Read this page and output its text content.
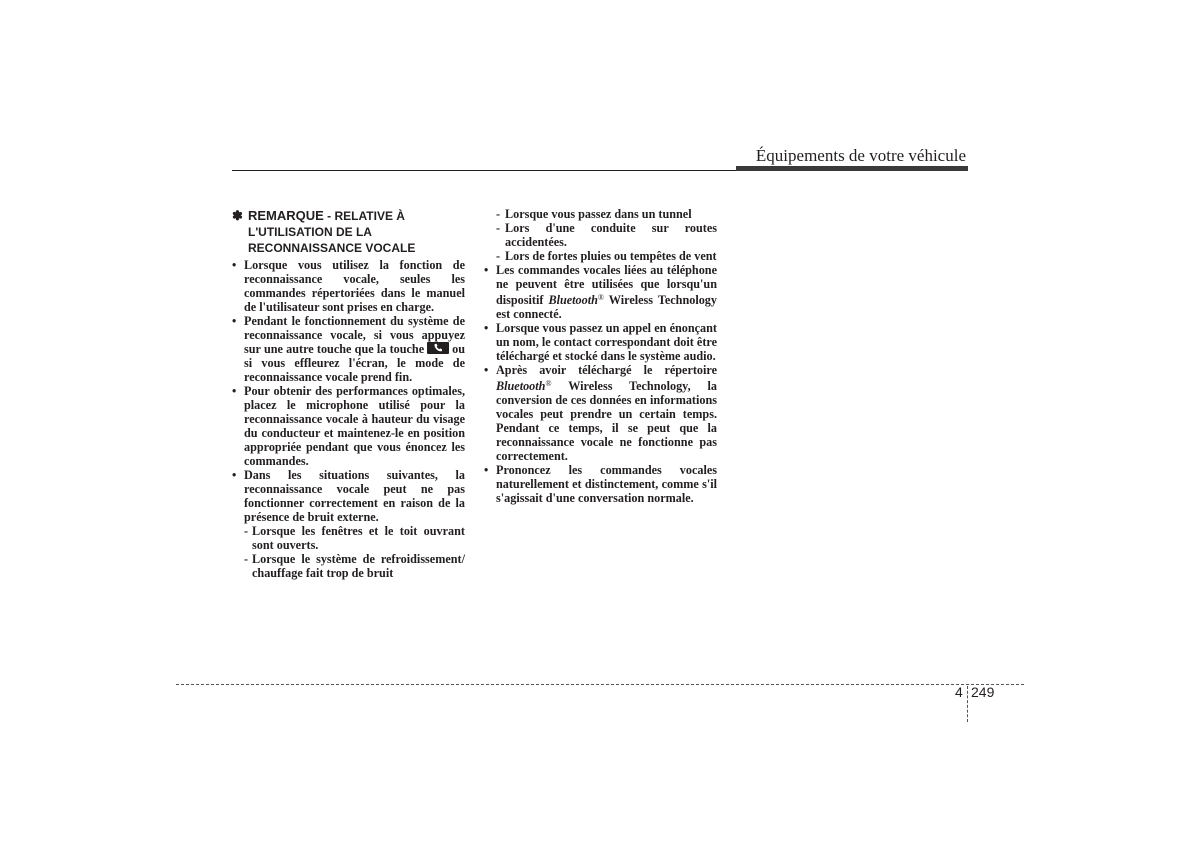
Équipements de votre véhicule
✽ REMARQUE - RELATIVE À L'UTILISATION DE LA RECONNAISSANCE VOCALE
• Lorsque vous utilisez la fonction de reconnaissance vocale, seules les commandes répertoriées dans le manuel de l'utilisateur sont prises en charge.
• Pendant le fonctionnement du système de reconnaissance vocale, si vous appuyez sur une autre touche que la touche ou si vous effleurez l'écran, le mode de reconnaissance vocale prend fin.
• Pour obtenir des performances optimales, placez le microphone utilisé pour la reconnaissance vocale à hauteur du visage du conducteur et maintenez-le en position appropriée pendant que vous énoncez les commandes.
• Dans les situations suivantes, la reconnaissance vocale peut ne pas fonctionner correctement en raison de la présence de bruit externe.
- Lorsque les fenêtres et le toit ouvrant sont ouverts.
- Lorsque le système de refroidissement/ chauffage fait trop de bruit
- Lorsque vous passez dans un tunnel
- Lors d'une conduite sur routes accidentées.
- Lors de fortes pluies ou tempêtes de vent
• Les commandes vocales liées au téléphone ne peuvent être utilisées que lorsqu'un dispositif Bluetooth® Wireless Technology est connecté.
• Lorsque vous passez un appel en énonçant un nom, le contact correspondant doit être téléchargé et stocké dans le système audio.
• Après avoir téléchargé le répertoire Bluetooth® Wireless Technology, la conversion de ces données en informations vocales peut prendre un certain temps. Pendant ce temps, il se peut que la reconnaissance vocale ne fonctionne pas correctement.
• Prononcez les commandes vocales naturellement et distinctement, comme s'il s'agissait d'une conversation normale.
4 249
